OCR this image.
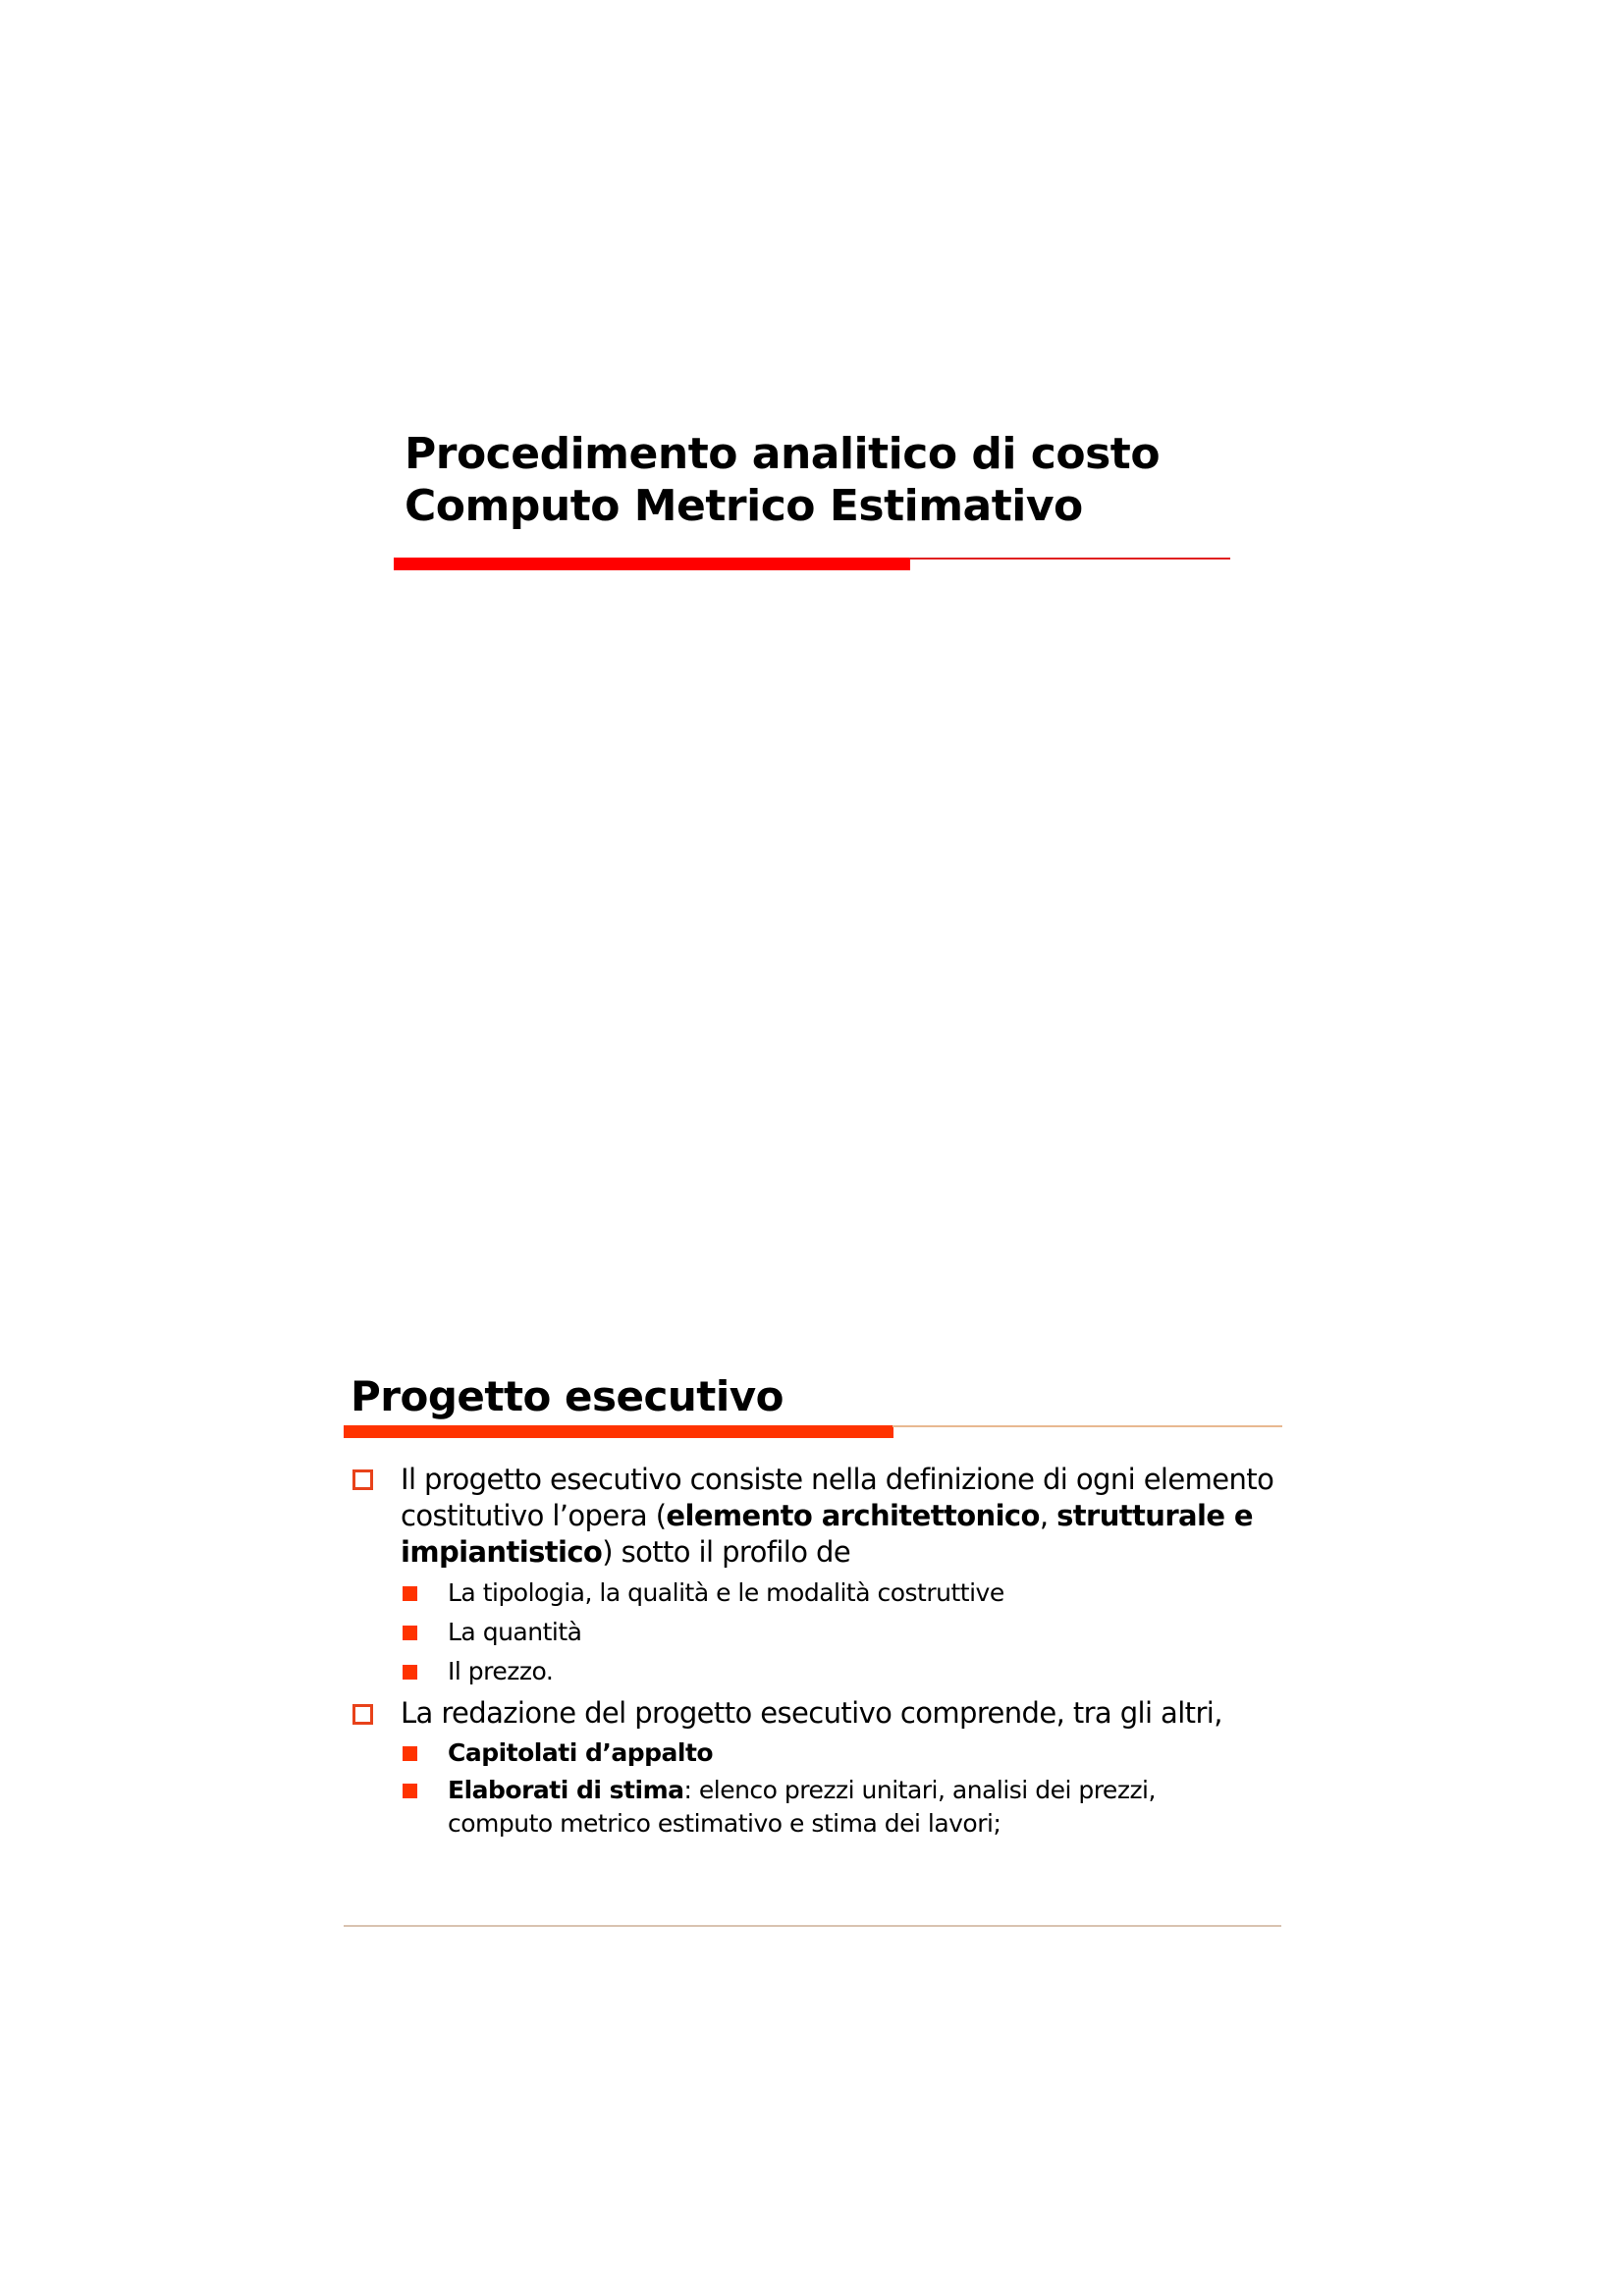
Procedimento analitico di costo
Computo Metrico Estimativo
Progetto esecutivo
Il progetto esecutivo consiste nella definizione di ogni elemento
costitutivo l’opera (elemento architettonico, strutturale e
impiantistico) sotto il profilo de
La tipologia, la qualità e le modalità costruttive
La quantità
Il prezzo.
La redazione del progetto esecutivo comprende, tra gli altri,
Capitolati d’appalto
Elaborati di stima: elenco prezzi unitari, analisi dei prezzi,
computo metrico estimativo e stima dei lavori;
